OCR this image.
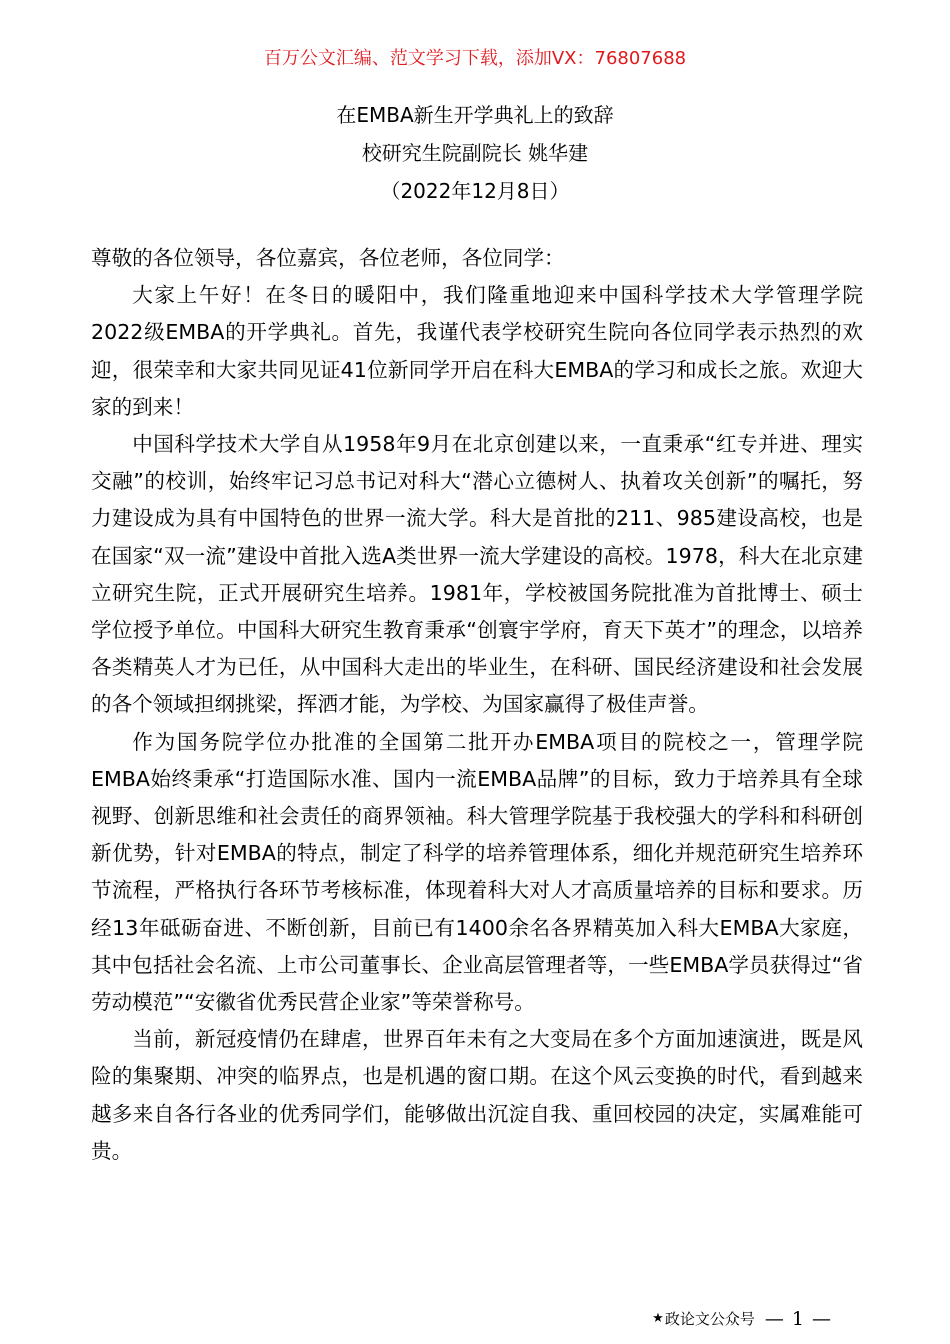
百万公文汇编、范文学习下载，添加VX：76807688
在EMBA新生开学典礼上的致辞
校研究生院副院长 姚华建
（2022年12月8日）

尊敬的各位领导，各位嘉宾，各位老师，各位同学：

大家上午好！在冬日的暖阳中，我们隆重地迎来中国科学技术大学管理学院2022级EMBA的开学典礼。首先，我谨代表学校研究生院向各位同学表示热烈的欢迎，很荣幸和大家共同见证41位新同学开启在科大EMBA的学习和成长之旅。欢迎大家的到来！

中国科学技术大学自从1958年9月在北京创建以来，一直秉承“红专并进、理实交融”的校训，始终牢记习总书记对科大“潜心立德树人、执着攻关创新”的嘱托，努力建设成为具有中国特色的世界一流大学。科大是首批的211、985建设高校，也是在国家“双一流”建设中首批入选A类世界一流大学建设的高校。1978，科大在北京建立研究生院，正式开展研究生培养。1981年，学校被国务院批准为首批博士、硕士学位授予单位。中国科大研究生教育秉承“创寰宇学府，育天下英才”的理念，以培养各类精英人才为已任，从中国科大走出的毕业生，在科研、国民经济建设和社会发展的各个领域担纲挑梁，挥洒才能，为学校、为国家赢得了极佳声誉。

作为国务院学位办批准的全国第二批开办EMBA项目的院校之一，管理学院EMBA始终秉承“打造国际水准、国内一流EMBA品牌”的目标，致力于培养具有全球视野、创新思维和社会责任的商界领袖。科大管理学院基于我校强大的学科和科研创新优势，针对EMBA的特点，制定了科学的培养管理体系，细化并规范研究生培养环节流程，严格执行各环节考核标准，体现着科大对人才高质量培养的目标和要求。历经13年砥砺奋进、不断创新，目前已有1400余名各界精英加入科大EMBA大家庭，其中包括社会名流、上市公司董事长、企业高层管理者等，一些EMBA学员获得过“省劳动模范”“安徽省优秀民营企业家”等荣誉称号。

当前，新冠疫情仍在肆虐，世界百年未有之大变局在多个方面加速演进，既是风险的集聚期、冲突的临界点，也是机遇的窗口期。在这个风云变换的时代，看到越来越多来自各行各业的优秀同学们，能够做出沉淀自我、重回校园的决定，实属难能可贵。

★ 政论文公众号 — 1 —
